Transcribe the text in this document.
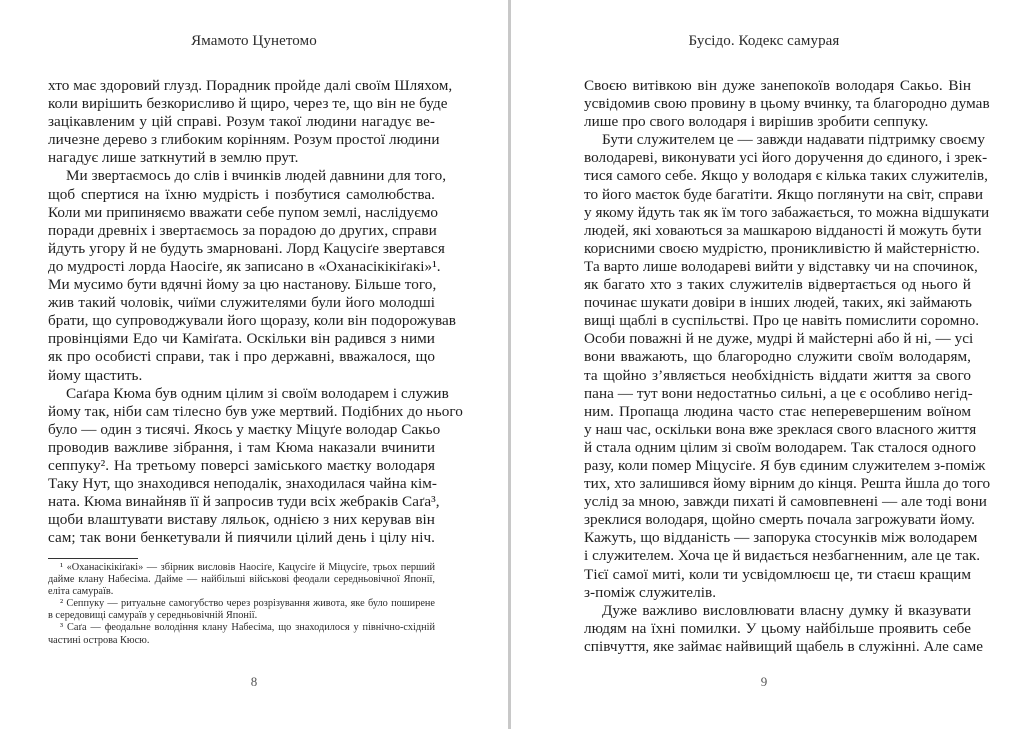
Ямамото Цунетомо
хто має здоровий глузд. Порадник пройде далі своїм Шляхом,
коли вирішить безкорисливо й щиро, через те, що він не буде
зацікавленим у цій справі. Розум такої людини нагадує ве-
личезне дерево з глибоким корінням. Розум простої людини
нагадує лише заткнутий в землю прут.
Ми звертаємось до слів і вчинків людей давнини для того,
щоб спертися на їхню мудрість і позбутися самолюбства.
Коли ми припиняємо вважати себе пупом землі, наслідуємо
поради древніх і звертаємось за порадою до других, справи
йдуть угору й не будуть змарновані. Лорд Кацусіґе звертався
до мудрості лорда Наосіґе, як записано в «Оханасікікіґакі»¹.
Ми мусимо бути вдячні йому за цю настанову. Більше того,
жив такий чоловік, чиїми служителями були його молодші
брати, що супроводжували його щоразу, коли він подорожував
провінціями Едо чи Каміґата. Оскільки він радився з ними
як про особисті справи, так і про державні, вважалося, що
йому щастить.
Саґара Кюма був одним цілим зі своїм володарем і служив
йому так, ніби сам тілесно був уже мертвий. Подібних до нього
було — один з тисячі. Якось у маєтку Міцуґе володар Сакьо
проводив важливе зібрання, і там Кюма наказали вчинити
сеппуку². На третьому поверсі заміського маєтку володаря
Таку Нут, що знаходився неподалік, знаходилася чайна кім-
ната. Кюма винайняв її й запросив туди всіх жебраків Саґа³,
щоби влаштувати виставу ляльок, однією з них керував він
сам; так вони бенкетували й пиячили цілий день і цілу ніч.
¹ «Оханасікікіґакі» — збірник висловів Наосіґе, Кацусіґе й Міцусіґе, трьох перший
дайме клану Набесіма. Дайме — найбільші військові феодали середньовічної Японії,
еліта самураїв.
² Сеппуку — ритуальне самогубство через розрізування живота, яке було поширене
в середовищі самураїв у середньовічній Японії.
³ Саґа — феодальне володіння клану Набесіма, що знаходилося у північно-східній
частині острова Кюсю.
8
Бусідо. Кодекс самурая
Своєю витівкою він дуже занепокоїв володаря Сакьо. Він
усвідомив свою провину в цьому вчинку, та благородно думав
лише про свого володаря і вирішив зробити сеппуку.
Бути служителем це — завжди надавати підтримку своєму
володареві, виконувати усі його доручення до єдиного, і зрек-
тися самого себе. Якщо у володаря є кілька таких служителів,
то його маєток буде багатіти. Якщо поглянути на світ, справи
у якому йдуть так як їм того забажається, то можна відшукати
людей, які ховаються за машкарою відданості й можуть бути
корисними своєю мудрістю, проникливістю й майстерністю.
Та варто лише володареві вийти у відставку чи на спочинок,
як багато хто з таких служителів відвертається од нього й
починає шукати довіри в інших людей, таких, які займають
вищі щаблі в суспільстві. Про це навіть помислити соромно.
Особи поважні й не дуже, мудрі й майстерні або й ні, — усі
вони вважають, що благородно служити своїм володарям,
та щойно з’являється необхідність віддати життя за свого
пана — тут вони недостатньо сильні, а це є особливо негід-
ним. Пропаща людина часто стає неперевершеним воїном
у наш час, оскільки вона вже зреклася свого власного життя
й стала одним цілим зі своїм володарем. Так сталося одного
разу, коли помер Міцусіґе. Я був єдиним служителем з-поміж
тих, хто залишився йому вірним до кінця. Решта йшла до того
услід за мною, завжди пихаті й самовпевнені — але тоді вони
зреклися володаря, щойно смерть почала загрожувати йому.
Кажуть, що відданість — запорука стосунків між володарем
і служителем. Хоча це й видається незбагненним, але це так.
Тієї самої миті, коли ти усвідомлюєш це, ти стаєш кращим
з-поміж служителів.
Дуже важливо висловлювати власну думку й вказувати
людям на їхні помилки. У цьому найбільше проявить себе
співчуття, яке займає найвищий щабель в служінні. Але саме
9
